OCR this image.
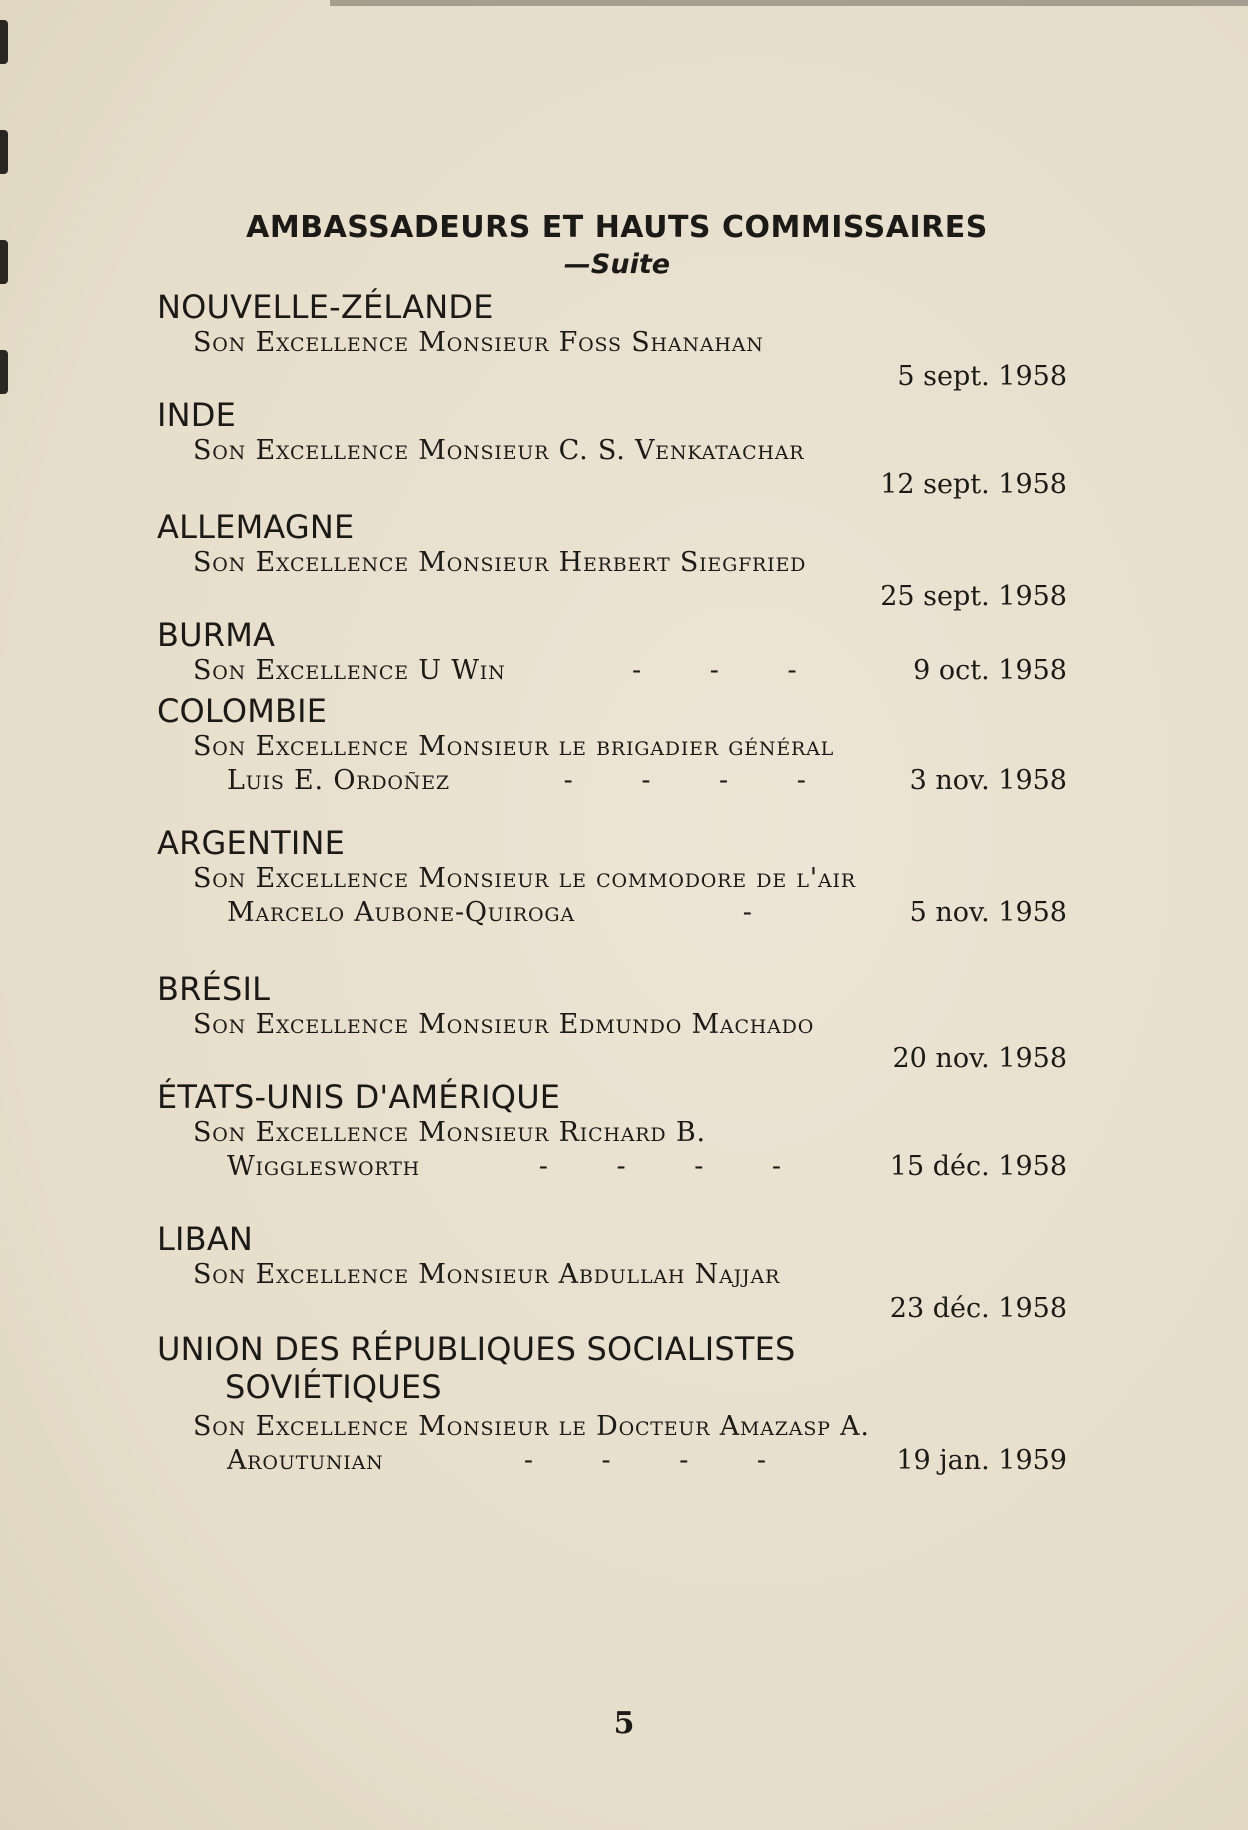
AMBASSADEURS ET HAUTS COMMISSAIRES
—Suite
NOUVELLE-ZÉLANDE
Son Excellence Monsieur Foss Shanahan
5 sept. 1958
INDE
Son Excellence Monsieur C. S. Venkatachar
12 sept. 1958
ALLEMAGNE
Son Excellence Monsieur Herbert Siegfried
25 sept. 1958
BURMA
Son Excellence U Win	- - -	9 oct. 1958
COLOMBIE
Son Excellence Monsieur le brigadier général
Luis E. Ordoñez	- - - -	3 nov. 1958
ARGENTINE
Son Excellence Monsieur le commodore de l'air
Marcelo Aubone-Quiroga	-	5 nov. 1958
BRÉSIL
Son Excellence Monsieur Edmundo Machado
20 nov. 1958
ÉTATS-UNIS D'AMÉRIQUE
Son Excellence Monsieur Richard B.
Wigglesworth	- - - -	15 déc. 1958
LIBAN
Son Excellence Monsieur Abdullah Najjar
23 déc. 1958
UNION DES RÉPUBLIQUES SOCIALISTES
SOVIÉTIQUES
Son Excellence Monsieur le Docteur Amazasp A.
Aroutunian	- - - -	19 jan. 1959
5
